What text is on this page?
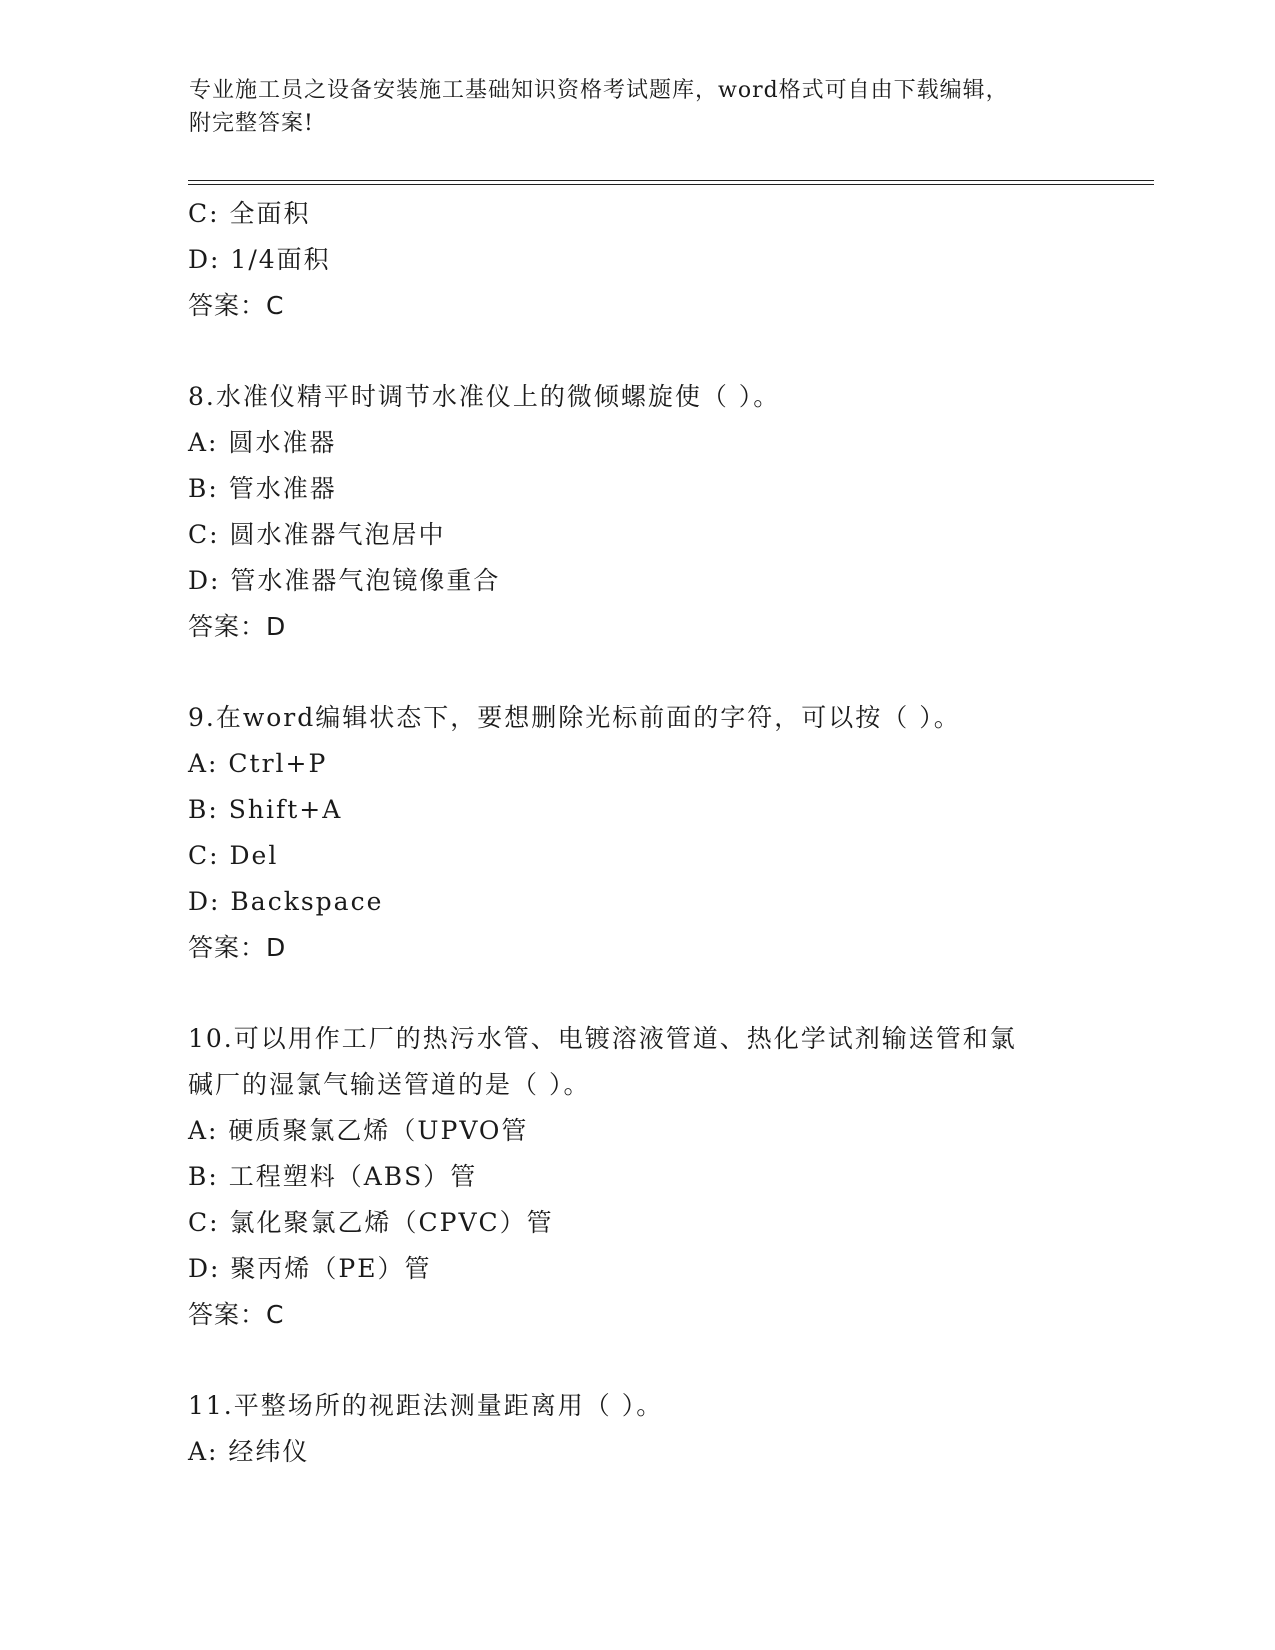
专业施工员之设备安装施工基础知识资格考试题库，word格式可自由下载编辑，
附完整答案!
C: 全面积
D: 1/4面积
答案：C
8.水准仪精平时调节水准仪上的微倾螺旋使（ ）。
A: 圆水准器
B: 管水准器
C: 圆水准器气泡居中
D: 管水准器气泡镜像重合
答案：D
9.在word编辑状态下，要想删除光标前面的字符，可以按（ ）。
A: Ctrl+P
B: Shift+A
C: Del
D: Backspace
答案：D
10.可以用作工厂的热污水管、电镀溶液管道、热化学试剂输送管和氯
碱厂的湿氯气输送管道的是（ ）。
A: 硬质聚氯乙烯（UPVO管
B: 工程塑料（ABS）管
C: 氯化聚氯乙烯（CPVC）管
D: 聚丙烯（PE）管
答案：C
11.平整场所的视距法测量距离用（ ）。
A: 经纬仪
